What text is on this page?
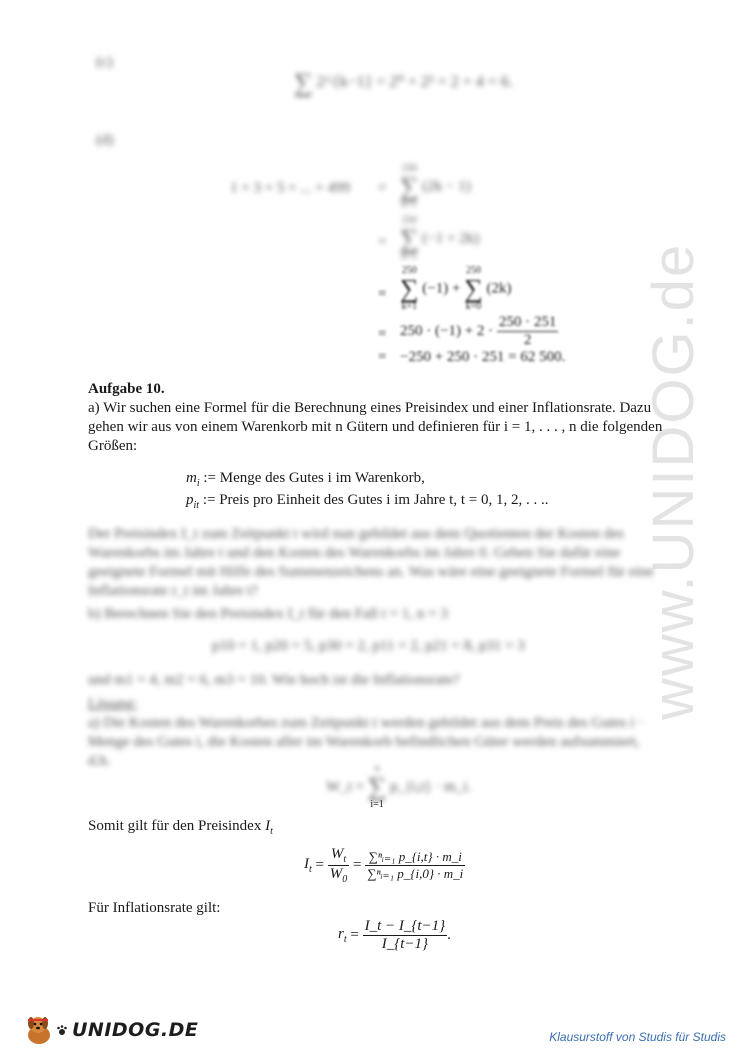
www.UNIDOG.de
(c)
∑ 2^{k−1} = 2⁰ + 2² = 2 + 4 = 6.
(d)
1 + 3 + 5 + ... + 499 =
250
∑
k=1
(2k − 1)
=
250
∑
k=1
(−1 + 2k)
=
250
∑
k=1
(−1) +
250
∑
k=0
(2k)
= $250 \cdot (-1) + 2 \cdot \frac{250 \cdot 251}{2}$
= −250 + 250 · 251 = 62 500.
Aufgabe 10.
a) Wir suchen eine Formel für die Berechnung eines Preisindex und einer Inflationsrate. Dazu
gehen wir aus von einem Warenkorb mit n Gütern und definieren für i = 1, . . . , n die folgenden
Größen:
$m_i$ := Menge des Gutes i im Warenkorb,
$p_{it}$ := Preis pro Einheit des Gutes i im Jahre t, t = 0, 1, 2, . . ..
Der Preisindex I_t zum Zeitpunkt t wird nun gebildet aus dem Quotienten der Kosten des
Warenkorbs im Jahre t und den Kosten des Warenkorbs im Jahre 0. Geben Sie dafür eine
geeignete Formel mit Hilfe des Summenzeichens an. Was wäre eine geeignete Formel für eine
Inflationsrate r_t im Jahre t?
b) Berechnen Sie den Preisindex I_t für den Fall t = 1, n = 3
p10 = 1, p20 = 5, p30 = 2, p11 = 2, p21 = 8, p31 = 3
und m1 = 4, m2 = 6, m3 = 10. Wie hoch ist die Inflationsrate?
Lösung:
a) Die Kosten des Warenkorbes zum Zeitpunkt t werden gebildet aus dem Preis des Gutes i ·
Menge des Gutes i, die Kosten aller im Warenkorb befindlichen Güter werden aufsummiert,
d.h.
W_t =
n
∑
i=1
p_{i,t} · m_i.
Somit gilt für den Preisindex $I_t$
$I_t = \frac{W_t}{W_0} = \frac{\text{∑ⁿᵢ₌₁ p\_\{i,t\} · m\_i}}{\text{∑ⁿᵢ₌₁ p\_\{i,0\} · m\_i}}$
Für Inflationsrate gilt:
$r_t = \frac{I\_t - I\_\{t-1\}}{I\_\{t-1\}}$ .
UNIDOG.DE	Klausurstoff von Studis für Studis
